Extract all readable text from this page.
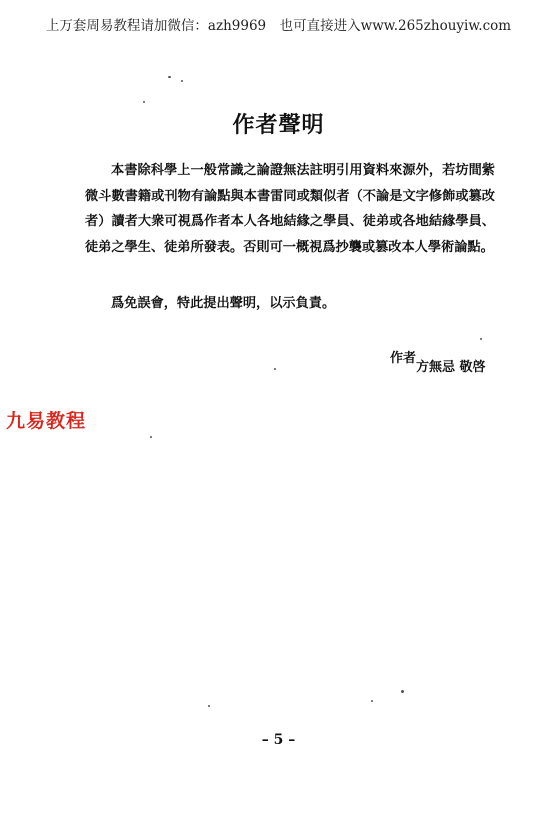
上万套周易教程请加微信：azh9969　也可直接进入www.265zhouyiw.com
作者聲明
本書除科學上一般常識之論證無法註明引用資料來源外，若坊間紫微斗數書籍或刊物有論點與本書雷同或類似者（不論是文字修飾或篡改者）讀者大衆可視爲作者本人各地結緣之學員、徒弟或各地結緣學員、徒弟之學生、徒弟所發表。否則可一概視爲抄襲或篡改本人學術論點。
爲免誤會，特此提出聲明，以示負責。
$^{作者}_{方無忌 敬啓}$
九易教程
– 5 –
